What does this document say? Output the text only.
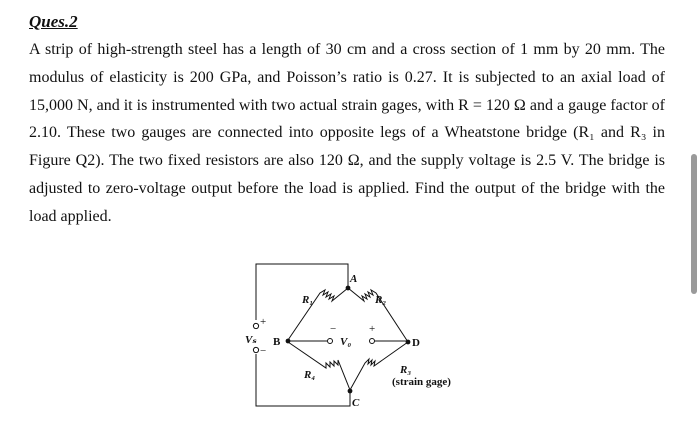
Ques.2

A strip of high-strength steel has a length of 30 cm and a cross section of 1 mm by 20 mm. The modulus of elasticity is 200 GPa, and Poisson’s ratio is 0.27. It is subjected to an axial load of 15,000 N, and it is instrumented with two actual strain gages, with R = 120 Ω and a gauge factor of 2.10. These two gauges are connected into opposite legs of a Wheatstone bridge (R₁ and R₃ in Figure Q2). The two fixed resistors are also 120 Ω, and the supply voltage is 2.5 V. The bridge is adjusted to zero-voltage output before the load is applied. Find the output of the bridge with the load applied.

+
Vₛ
−
−	+
V₀
A
B
C
D
R₁	R₂
R₃
(strain gage)
R₄
